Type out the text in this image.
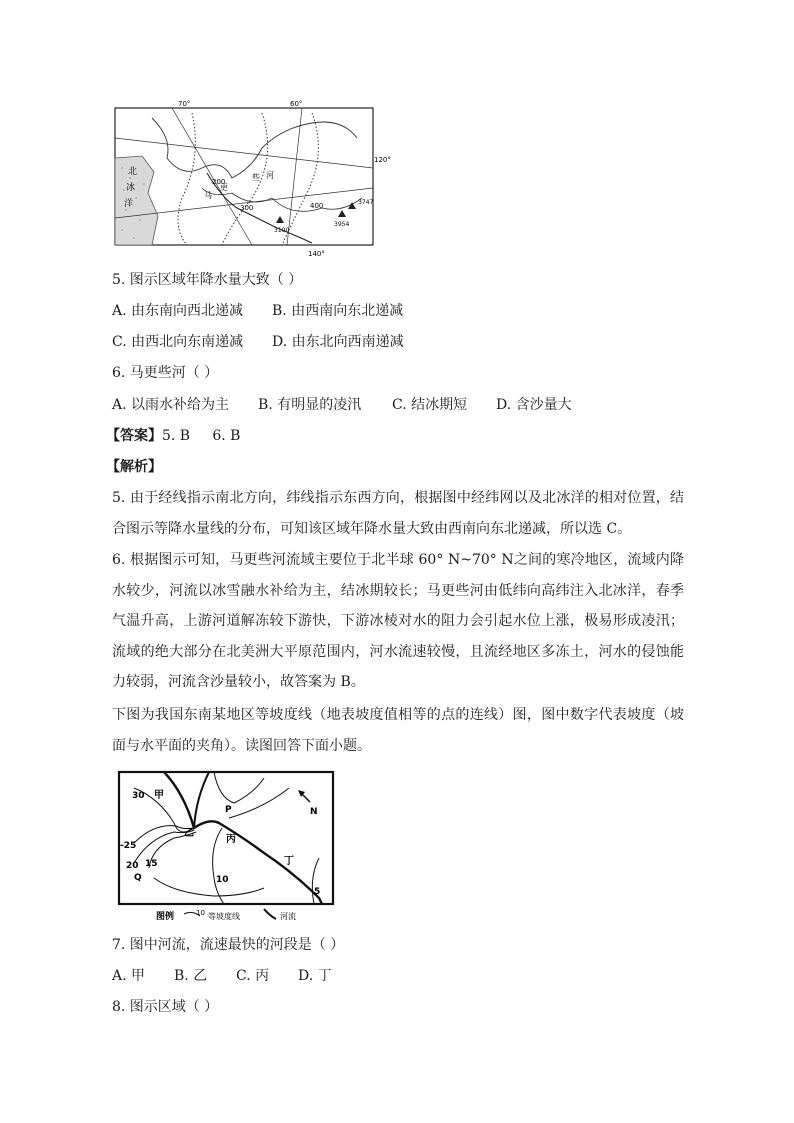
70°	60°
120°
140°
北
冰
洋
200
300	400	3747
3954
3100
马
更
些 河
5. 图示区域年降水量大致（ ）
A. 由东南向西北递减 B. 由西南向东北递减
C. 由西北向东南递减 D. 由东北向西南递减
6. 马更些河（ ）
A. 以雨水补给为主 B. 有明显的凌汛 C. 结冰期短 D. 含沙量大
【答案】5. B     6. B
【解析】
5. 由于经线指示南北方向，纬线指示东西方向，根据图中经纬网以及北冰洋的相对位置，结合图示等降水量线的分布，可知该区域年降水量大致由西南向东北递减，所以选 C。
6. 根据图示可知，马更些河流域主要位于北半球 60° N~70° N之间的寒冷地区，流域内降水较少，河流以冰雪融水补给为主，结冰期较长；马更些河由低纬向高纬注入北冰洋，春季气温升高，上游河道解冻较下游快，下游冰棱对水的阻力会引起水位上涨，极易形成凌汛；流域的绝大部分在北美洲大平原范围内，河水流速较慢，且流经地区多冻土，河水的侵蚀能力较弱，河流含沙量较小，故答案为 B。
下图为我国东南某地区等坡度线（地表坡度值相等的点的连线）图，图中数字代表坡度（坡面与水平面的夹角）。读图回答下面小题。
30 甲
P	N
-25
乙
丙
20 15
Q
丁
10
5
图例	10 等坡度线	河流
7. 图中河流，流速最快的河段是（ ）
A. 甲 B. 乙 C. 丙 D. 丁
8. 图示区域（ ）
